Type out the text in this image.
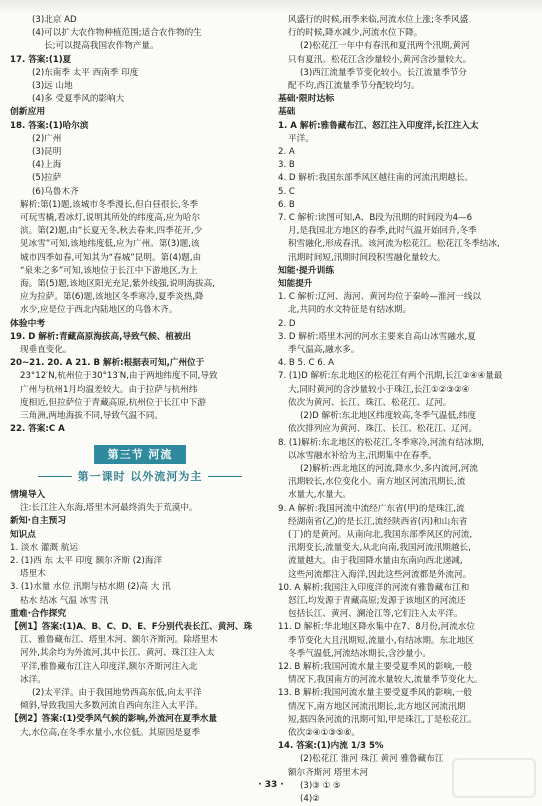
(3)北京 AD

(4)可以扩大农作物种植范围;适合农作物的生

长;可以提高我国农作物产量。

17. 答案:(1)夏

(2)东南季 太平 西南季 印度

(3)远 山地

(4)多 受夏季风的影响大

创新应用

18. 答案:(1)哈尔滨

(2)广州

(3)昆明

(4)上海

(5)拉萨

(6)乌鲁木齐

解析:第(1)题,该城市冬季漫长,但白昼很长,冬季

可玩雪橇,看冰灯,说明其所处的纬度高,应为哈尔

滨。第(2)题,由“长夏无冬,秋去春来,四季花开,少

见冰雪”可知,该地纬度低,应为广州。第(3)题,该

城市四季如春,可知其为“春城”昆明。第(4)题,由

“泉来之多”可知,该地位于长江中下游地区,为上

海。第(5)题,该地区阳光充足,紫外线强,说明海拔高,

应为拉萨。第(6)题,该地区冬季寒冷,夏季炎热,降

水少,应是位于西北内陆地区的乌鲁木齐。

体验中考

19. D 解析:青藏高原海拔高,导致气候、植被出

现垂直变化。

20~21. 20. A 21. B 解析:根据表可知,广州位于

23°12′N,杭州位于30°13′N,由于两地纬度不同,导致

广州与杭州1月均温差较大。由于拉萨与杭州纬

度相近,但拉萨位于青藏高原,杭州位于长江中下游

三角洲,两地海拔不同,导致气温不同。

22. 答案:C A

第三节 河流
第一课时 以外流河为主

情境导入

注:长江注入东海,塔里木河最终消失于荒漠中。

新知·自主预习

知识点

1. 淡水 灌溉 航运

2. (1)西 东 太平 印度 额尔齐斯 (2)海洋

塔里木

3. (1)水量 水位 汛期与枯水期 (2)高 大 汛

枯水 结冰 气温 冰雪 汛

重难·合作探究

【例1】答案:(1)A、B、C、D、E、F分别代表长江、黄河、珠

江、雅鲁藏布江、塔里木河、额尔齐斯河。除塔里木

河外,其余均为外流河,其中长江、黄河、珠江注入太

平洋,雅鲁藏布江注入印度洋,额尔齐斯河注入北

冰洋。

(2)太平洋。由于我国地势西高东低,向太平洋

倾斜,导致我国大多数河流自西向东注入太平洋。

【例2】答案:(1)受季风气候的影响,外流河在夏季水量

大,水位高,在冬季水量小,水位低。其原因是夏季

风盛行的时候,雨季来临,河流水位上涨;冬季风盛

行的时候,降水减少,河流水位下降。

(2)松花江一年中有春汛和夏汛两个汛期,黄河

只有夏汛。松花江含沙量较小,黄河含沙量较大。

(3)西江流量季节变化较小。长江流量季节分

配不均,西江流量季节分配较均匀。

基础·限时达标

基础

1. A 解析:雅鲁藏布江、怒江注入印度洋,长江注入太

平洋。

2. A

3. B

4. D 解析:我国东部季风区越往南的河流汛期越长。

5. C

6. B

7. C 解析:读图可知,A、B段为汛期的时间段为4—6

月,是我国北方地区的春季,此时气温开始回升,冬季

积雪融化,形成春汛。该河流为松花江。松花江冬季结冰,

汛期时间短,汛期时间段积雪融化量较大。

知能·提升训练

知能提升

1. C 解析:辽河、海河、黄河均位于秦岭—淮河一线以

北,共同的水文特征是有结冰期。

2. D

3. D 解析:塔里木河的河水主要来自高山冰雪融水,夏

季气温高,融水多。

4. B 5. C 6. A

7. (1)D 解析:东北地区的松花江有两个汛期,长江②④④量最

大,同时黄河的含沙量较小于珠江,长江①②③②④

依次为黄河、长江、珠江、松花江、辽河。

(2)D 解析:东北地区纬度较高,冬季气温低,纬度

依次排列应为黄河、珠江、长江、松花江、辽河。

8. (1)解析:东北地区的松花江,冬季寒冷,河流有结冰期,

以冰雪融水补给为主,汛期集中在春季。

(2)解析:西北地区的河流,降水少,多内流河,河流

汛期较长,水位变化小。南方地区河流汛期长,流

水量大,水量大。

9. A 解析:我国河流中流经广东省(甲)的是珠江,流

经湖南省(乙)的是长江,流经陕西省(丙)和山东省

(丁)的是黄河。从南向北,我国东部季风区的河流,

汛期变长,流量变大,从北向南,我国河流汛期越长,

流量越大。由于我国降水量由东南向西北递减,

这些河流都注入海洋,因此这些河流都是外流河。

10. A 解析:我国注入印度洋的河流有雅鲁藏布江和

怒江,均发源于青藏高原;发源于该地区的河流还

包括长江、黄河、澜沧江等,它们注入太平洋。

11. D 解析:华北地区降水集中在7、8月份,河流水位

季节变化大且汛期短,流量小,有结冰期。东北地区

冬季气温低,河流结冰期长,含沙量小。

12. B 解析:我国河流水量主要受夏季风的影响,一般

情况下,我国南方的河流水量较大,流量季节变化大。

13. B 解析:我国河流水量主要受夏季风的影响,一般

情况下,南方地区河流汛期长,北方地区河流汛期

短,据四条河流的汛期可知,甲是珠江,丁是松花江。

依次②④①③⑤⑥。

14. 答案:(1)内流 1/3 5%

(2)松花江 淮河 珠江 黄河 雅鲁藏布江

额尔齐斯河 塔里木河

(3)③ ① ⑤

(4)②

· 33 ·
